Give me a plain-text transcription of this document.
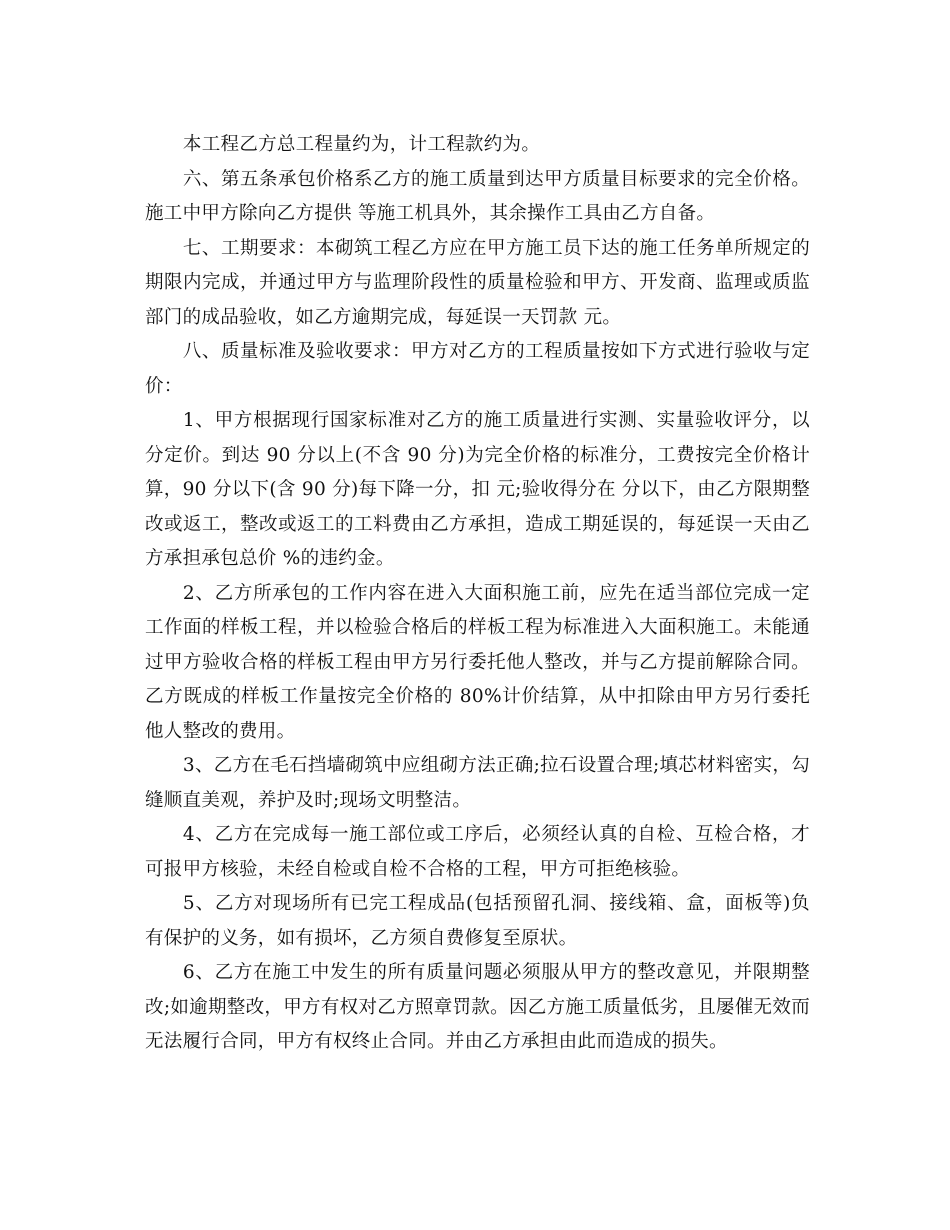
本工程乙方总工程量约为，计工程款约为。

六、第五条承包价格系乙方的施工质量到达甲方质量目标要求的完全价格。施工中甲方除向乙方提供 等施工机具外，其余操作工具由乙方自备。

七、工期要求：本砌筑工程乙方应在甲方施工员下达的施工任务单所规定的期限内完成，并通过甲方与监理阶段性的质量检验和甲方、开发商、监理或质监部门的成品验收，如乙方逾期完成，每延误一天罚款 元。

八、质量标准及验收要求：甲方对乙方的工程质量按如下方式进行验收与定价：

1、甲方根据现行国家标准对乙方的施工质量进行实测、实量验收评分，以分定价。到达 90 分以上(不含 90 分)为完全价格的标准分，工费按完全价格计算，90 分以下(含 90 分)每下降一分，扣 元;验收得分在 分以下，由乙方限期整改或返工，整改或返工的工料费由乙方承担，造成工期延误的，每延误一天由乙方承担承包总价 %的违约金。

2、乙方所承包的工作内容在进入大面积施工前，应先在适当部位完成一定工作面的样板工程，并以检验合格后的样板工程为标准进入大面积施工。未能通过甲方验收合格的样板工程由甲方另行委托他人整改，并与乙方提前解除合同。乙方既成的样板工作量按完全价格的 80%计价结算，从中扣除由甲方另行委托他人整改的费用。

3、乙方在毛石挡墙砌筑中应组砌方法正确;拉石设置合理;填芯材料密实，勾缝顺直美观，养护及时;现场文明整洁。

4、乙方在完成每一施工部位或工序后，必须经认真的自检、互检合格，才可报甲方核验，未经自检或自检不合格的工程，甲方可拒绝核验。

5、乙方对现场所有已完工程成品(包括预留孔洞、接线箱、盒，面板等)负有保护的义务，如有损坏，乙方须自费修复至原状。

6、乙方在施工中发生的所有质量问题必须服从甲方的整改意见，并限期整改;如逾期整改，甲方有权对乙方照章罚款。因乙方施工质量低劣，且屡催无效而无法履行合同，甲方有权终止合同。并由乙方承担由此而造成的损失。
